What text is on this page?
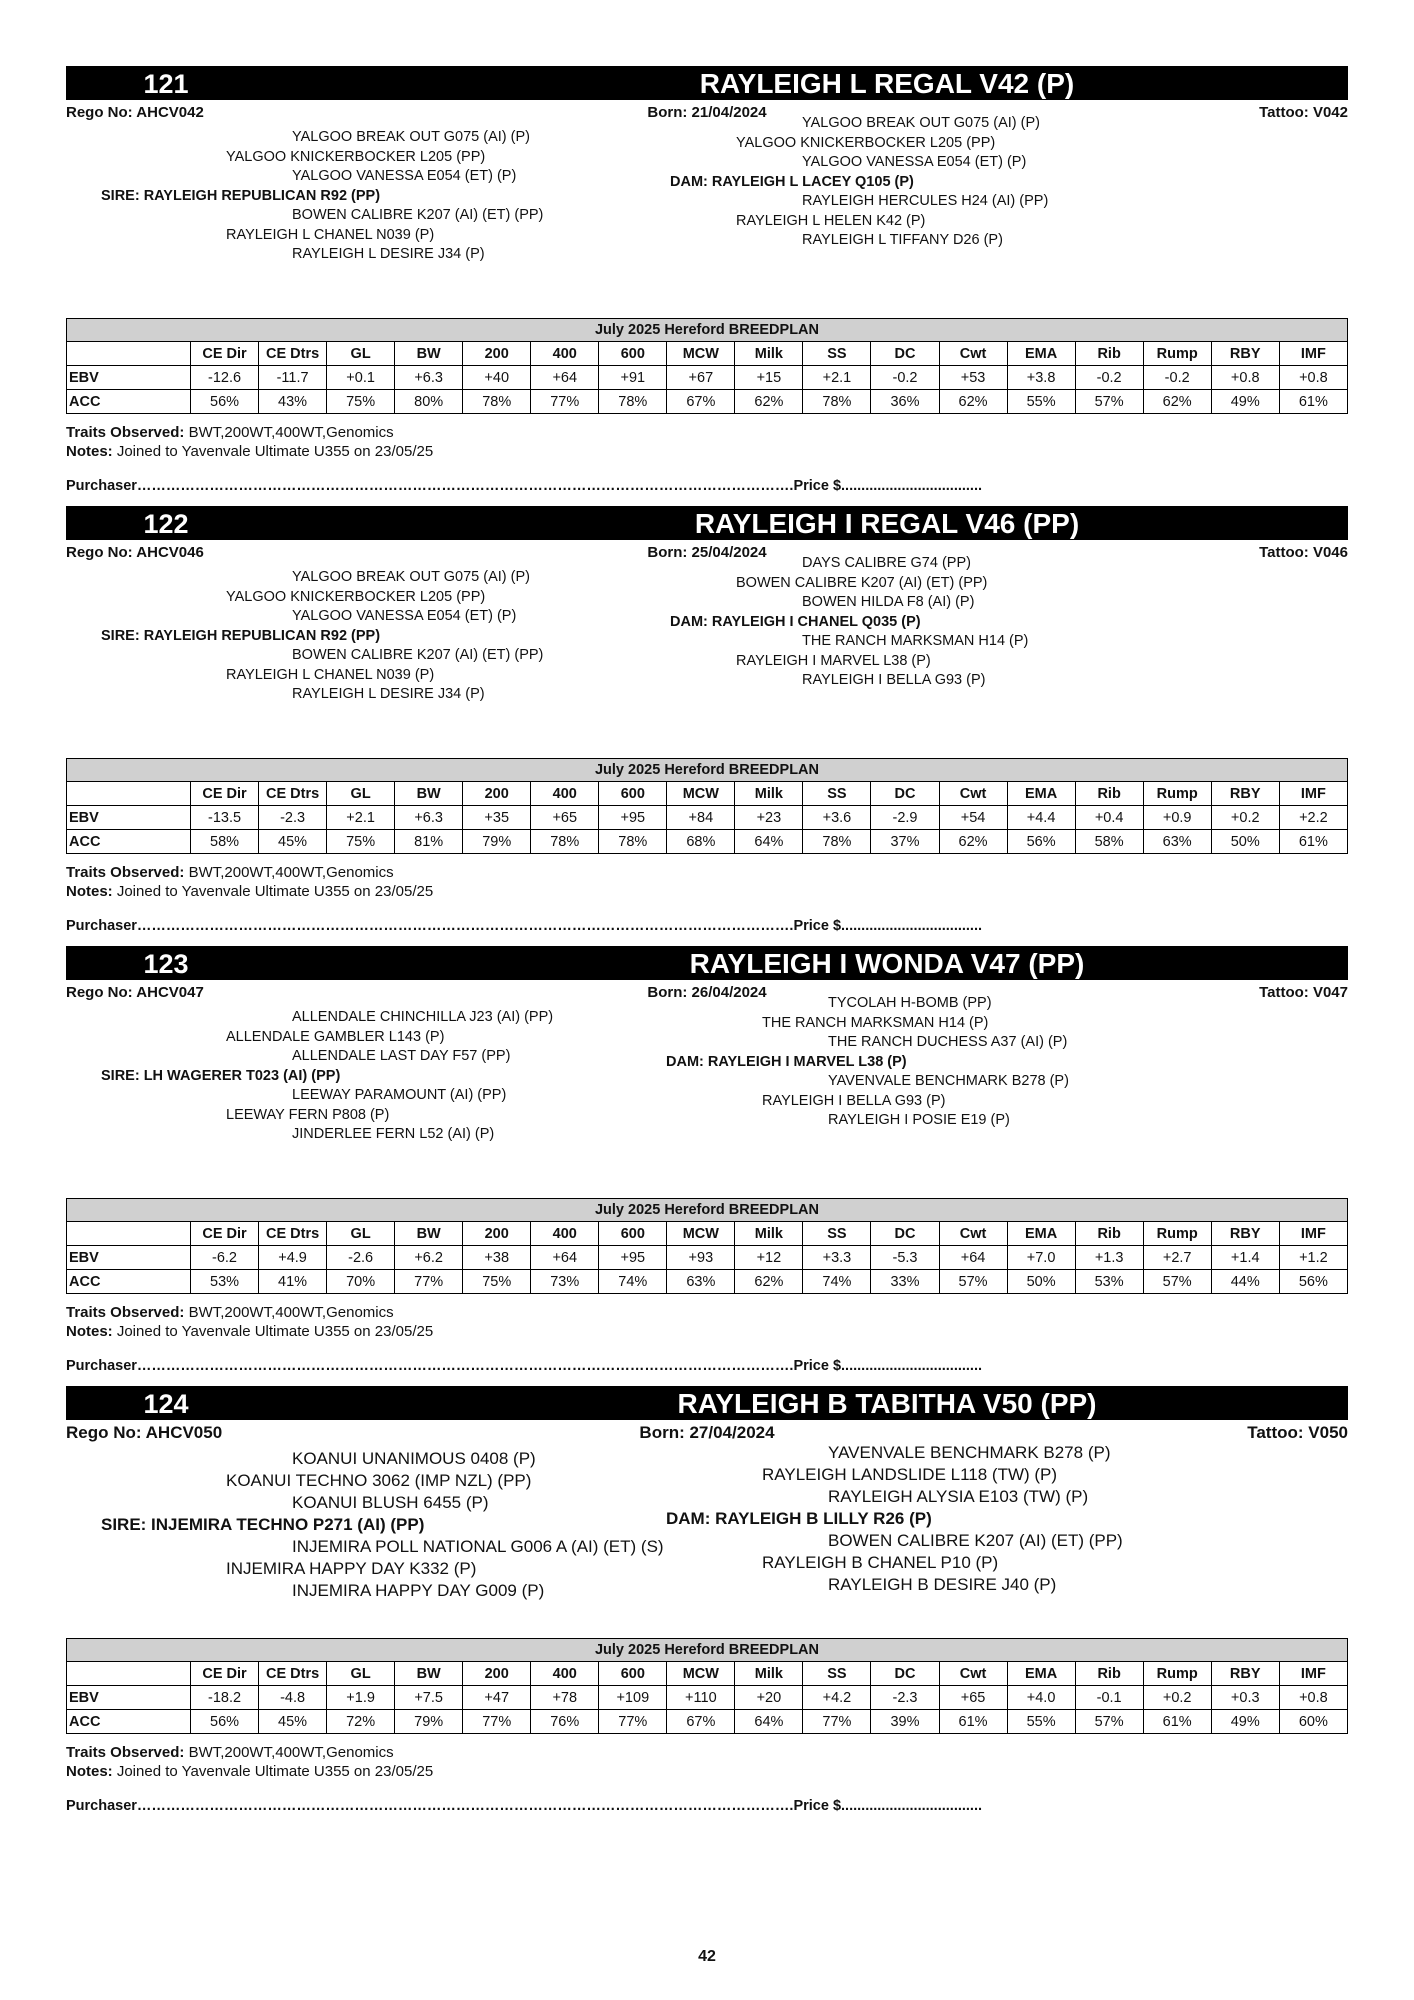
121	RAYLEIGH L REGAL V42 (P)
Rego No: AHCV042	Born: 21/04/2024	Tattoo: V042
YALGOO BREAK OUT G075 (AI) (P)
YALGOO KNICKERBOCKER L205 (PP)
YALGOO VANESSA E054 (ET) (P)
SIRE: RAYLEIGH REPUBLICAN R92 (PP)
BOWEN CALIBRE K207 (AI) (ET) (PP)
RAYLEIGH L CHANEL N039 (P)
RAYLEIGH L DESIRE J34 (P)
YALGOO BREAK OUT G075 (AI) (P)
YALGOO KNICKERBOCKER L205 (PP)
YALGOO VANESSA E054 (ET) (P)
DAM: RAYLEIGH L LACEY Q105 (P)
RAYLEIGH HERCULES H24 (AI) (PP)
RAYLEIGH L HELEN K42 (P)
RAYLEIGH L TIFFANY D26 (P)
July 2025 Hereford BREEDPLAN																	
	CE Dir	CE Dtrs	GL	BW	200	400	600	MCW	Milk	SS	DC	Cwt	EMA	Rib	Rump	RBY	IMF
EBV	-12.6	-11.7	+0.1	+6.3	+40	+64	+91	+67	+15	+2.1	-0.2	+53	+3.8	-0.2	-0.2	+0.8	+0.8
ACC	56%	43%	75%	80%	78%	77%	78%	67%	62%	78%	36%	62%	55%	57%	62%	49%	61%
Traits Observed: BWT,200WT,400WT,Genomics
Notes: Joined to Yavenvale Ultimate U355 on 23/05/25
Purchaser……………………………………………………………………………………………………………………….Price $...................................
122	RAYLEIGH I REGAL V46 (PP)
Rego No: AHCV046	Born: 25/04/2024	Tattoo: V046
YALGOO BREAK OUT G075 (AI) (P)
YALGOO KNICKERBOCKER L205 (PP)
YALGOO VANESSA E054 (ET) (P)
SIRE: RAYLEIGH REPUBLICAN R92 (PP)
BOWEN CALIBRE K207 (AI) (ET) (PP)
RAYLEIGH L CHANEL N039 (P)
RAYLEIGH L DESIRE J34 (P)
DAYS CALIBRE G74 (PP)
BOWEN CALIBRE K207 (AI) (ET) (PP)
BOWEN HILDA F8 (AI) (P)
DAM: RAYLEIGH I CHANEL Q035 (P)
THE RANCH MARKSMAN H14 (P)
RAYLEIGH I MARVEL L38 (P)
RAYLEIGH I BELLA G93 (P)
July 2025 Hereford BREEDPLAN																	
	CE Dir	CE Dtrs	GL	BW	200	400	600	MCW	Milk	SS	DC	Cwt	EMA	Rib	Rump	RBY	IMF
EBV	-13.5	-2.3	+2.1	+6.3	+35	+65	+95	+84	+23	+3.6	-2.9	+54	+4.4	+0.4	+0.9	+0.2	+2.2
ACC	58%	45%	75%	81%	79%	78%	78%	68%	64%	78%	37%	62%	56%	58%	63%	50%	61%
Traits Observed: BWT,200WT,400WT,Genomics
Notes: Joined to Yavenvale Ultimate U355 on 23/05/25
Purchaser……………………………………………………………………………………………………………………….Price $...................................
123	RAYLEIGH I WONDA V47 (PP)
Rego No: AHCV047	Born: 26/04/2024	Tattoo: V047
ALLENDALE CHINCHILLA J23 (AI) (PP)
ALLENDALE GAMBLER L143 (P)
ALLENDALE LAST DAY F57 (PP)
SIRE: LH WAGERER T023 (AI) (PP)
LEEWAY PARAMOUNT (AI) (PP)
LEEWAY FERN P808 (P)
JINDERLEE FERN L52 (AI) (P)
TYCOLAH H-BOMB (PP)
THE RANCH MARKSMAN H14 (P)
THE RANCH DUCHESS A37 (AI) (P)
DAM: RAYLEIGH I MARVEL L38 (P)
YAVENVALE BENCHMARK B278 (P)
RAYLEIGH I BELLA G93 (P)
RAYLEIGH I POSIE E19 (P)
July 2025 Hereford BREEDPLAN																	
	CE Dir	CE Dtrs	GL	BW	200	400	600	MCW	Milk	SS	DC	Cwt	EMA	Rib	Rump	RBY	IMF
EBV	-6.2	+4.9	-2.6	+6.2	+38	+64	+95	+93	+12	+3.3	-5.3	+64	+7.0	+1.3	+2.7	+1.4	+1.2
ACC	53%	41%	70%	77%	75%	73%	74%	63%	62%	74%	33%	57%	50%	53%	57%	44%	56%
Traits Observed: BWT,200WT,400WT,Genomics
Notes: Joined to Yavenvale Ultimate U355 on 23/05/25
Purchaser……………………………………………………………………………………………………………………….Price $...................................
124	RAYLEIGH B TABITHA V50 (PP)
Rego No: AHCV050	Born: 27/04/2024	Tattoo: V050
KOANUI UNANIMOUS 0408 (P)
KOANUI TECHNO 3062 (IMP NZL) (PP)
KOANUI BLUSH 6455 (P)
SIRE: INJEMIRA TECHNO P271 (AI) (PP)
INJEMIRA POLL NATIONAL G006 A (AI) (ET) (S)
INJEMIRA HAPPY DAY K332 (P)
INJEMIRA HAPPY DAY G009 (P)
YAVENVALE BENCHMARK B278 (P)
RAYLEIGH LANDSLIDE L118 (TW) (P)
RAYLEIGH ALYSIA E103 (TW) (P)
DAM: RAYLEIGH B LILLY R26 (P)
BOWEN CALIBRE K207 (AI) (ET) (PP)
RAYLEIGH B CHANEL P10 (P)
RAYLEIGH B DESIRE J40 (P)
July 2025 Hereford BREEDPLAN																	
	CE Dir	CE Dtrs	GL	BW	200	400	600	MCW	Milk	SS	DC	Cwt	EMA	Rib	Rump	RBY	IMF
EBV	-18.2	-4.8	+1.9	+7.5	+47	+78	+109	+110	+20	+4.2	-2.3	+65	+4.0	-0.1	+0.2	+0.3	+0.8
ACC	56%	45%	72%	79%	77%	76%	77%	67%	64%	77%	39%	61%	55%	57%	61%	49%	60%
Traits Observed: BWT,200WT,400WT,Genomics
Notes: Joined to Yavenvale Ultimate U355 on 23/05/25
Purchaser……………………………………………………………………………………………………………………….Price $...................................
42
